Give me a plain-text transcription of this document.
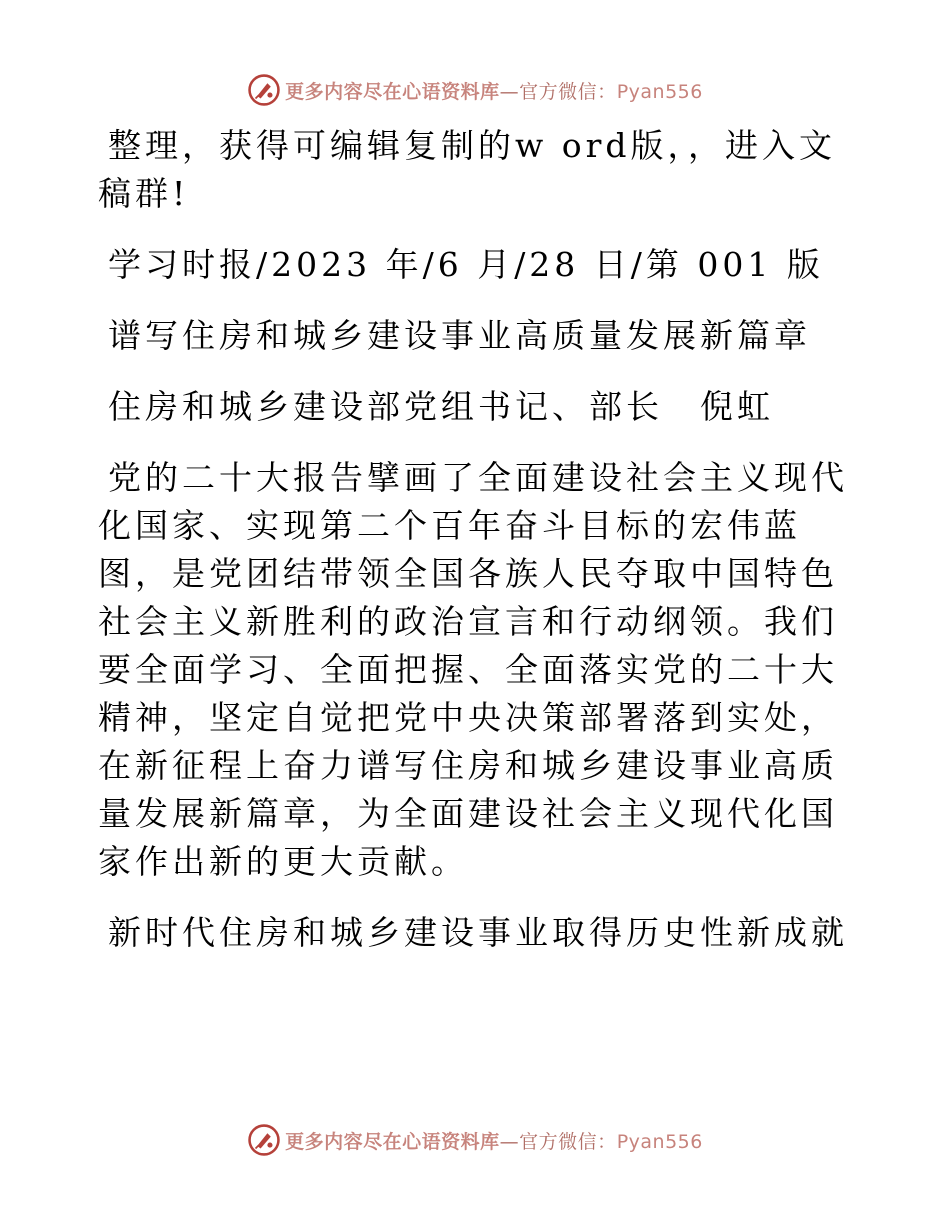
更多内容尽在心语资料库—官方微信：Pyan556

整理，获得可编辑复制的w ord版，，进入文稿群!

学习时报/2023 年/6 月/28 日/第 001 版

谱写住房和城乡建设事业高质量发展新篇章

住房和城乡建设部党组书记、部长　倪虹

党的二十大报告擘画了全面建设社会主义现代化国家、实现第二个百年奋斗目标的宏伟蓝图，是党团结带领全国各族人民夺取中国特色社会主义新胜利的政治宣言和行动纲领。我们要全面学习、全面把握、全面落实党的二十大精神，坚定自觉把党中央决策部署落到实处，在新征程上奋力谱写住房和城乡建设事业高质量发展新篇章，为全面建设社会主义现代化国家作出新的更大贡献。

新时代住房和城乡建设事业取得历史性新成就

更多内容尽在心语资料库—官方微信：Pyan556
